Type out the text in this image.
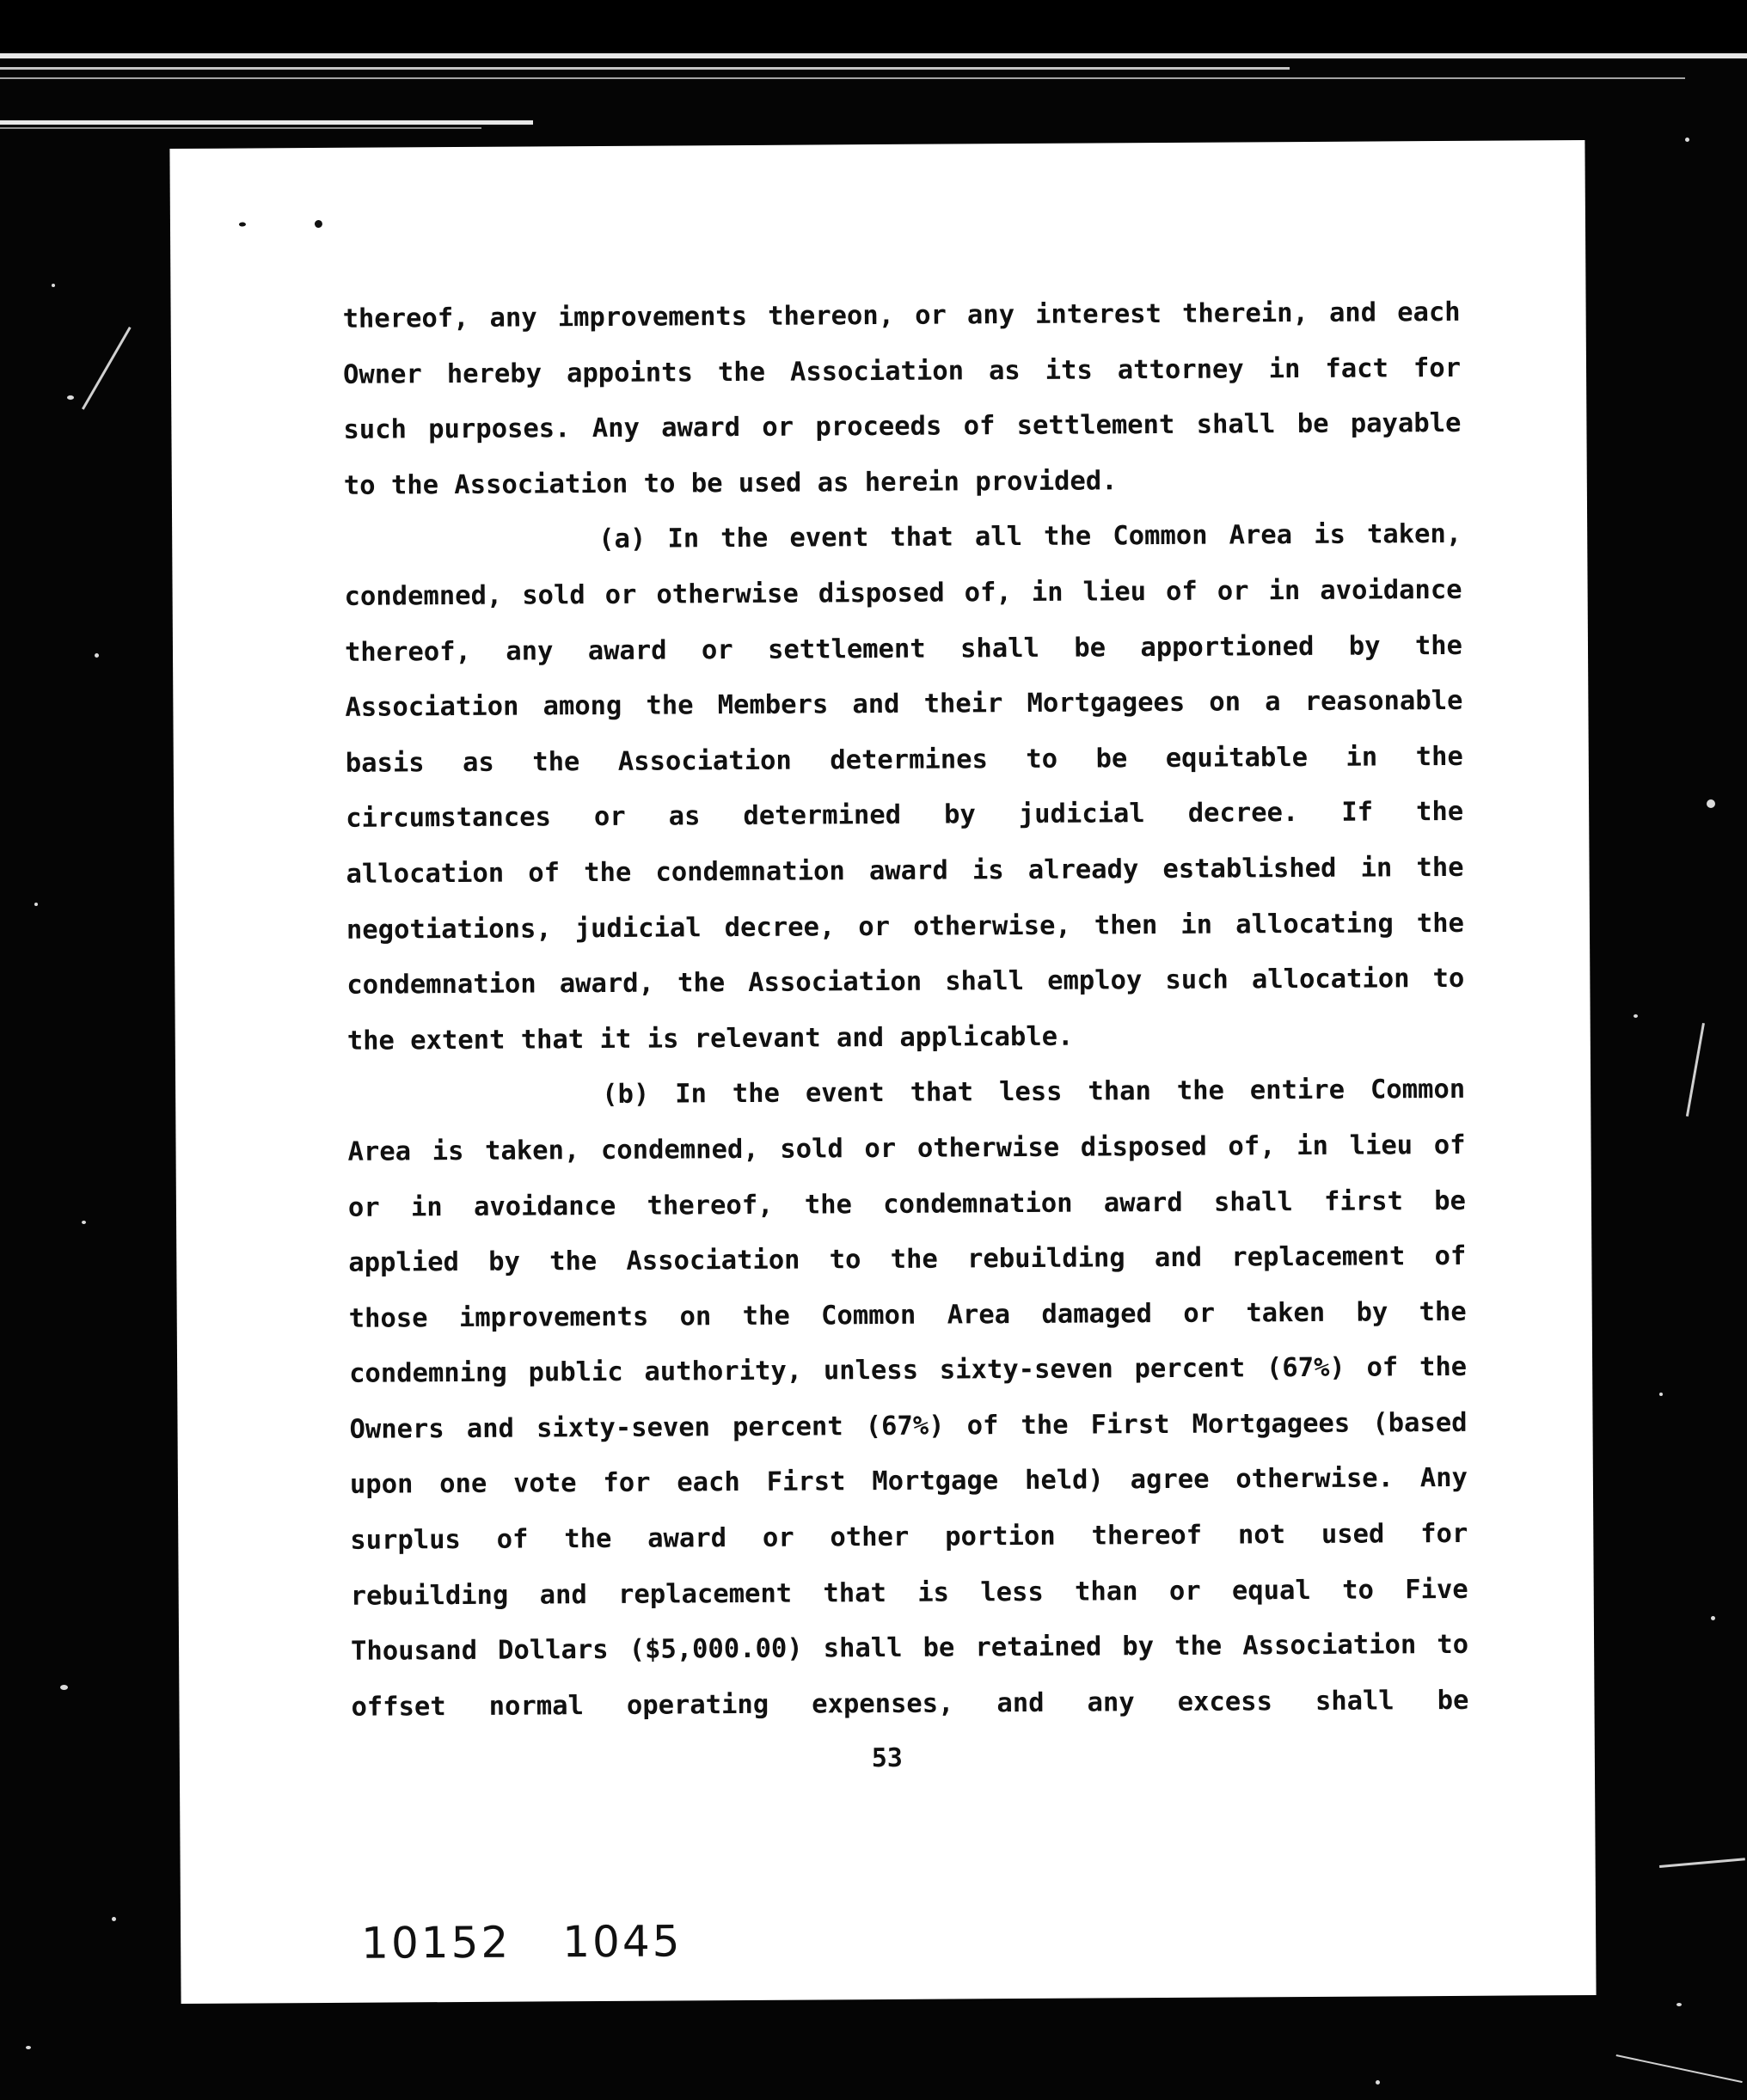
thereof, any improvements thereon, or any interest therein, and each
Owner hereby appoints the Association as its attorney in fact for
such purposes. Any award or proceeds of settlement shall be payable
to the Association to be used as herein provided.
(a) In the event that all the Common Area is taken,
condemned, sold or otherwise disposed of, in lieu of or in avoidance
thereof, any award or settlement shall be apportioned by the
Association among the Members and their Mortgagees on a reasonable
basis as the Association determines to be equitable in the
circumstances or as determined by judicial decree. If the
allocation of the condemnation award is already established in the
negotiations, judicial decree, or otherwise, then in allocating the
condemnation award, the Association shall employ such allocation to
the extent that it is relevant and applicable.
(b) In the event that less than the entire Common
Area is taken, condemned, sold or otherwise disposed of, in lieu of
or in avoidance thereof, the condemnation award shall first be
applied by the Association to the rebuilding and replacement of
those improvements on the Common Area damaged or taken by the
condemning public authority, unless sixty-seven percent (67%) of the
Owners and sixty-seven percent (67%) of the First Mortgagees (based
upon one vote for each First Mortgage held) agree otherwise. Any
surplus of the award or other portion thereof not used for
rebuilding and replacement that is less than or equal to Five
Thousand Dollars ($5,000.00) shall be retained by the Association to
offset normal operating expenses, and any excess shall be
53
10152 1045
